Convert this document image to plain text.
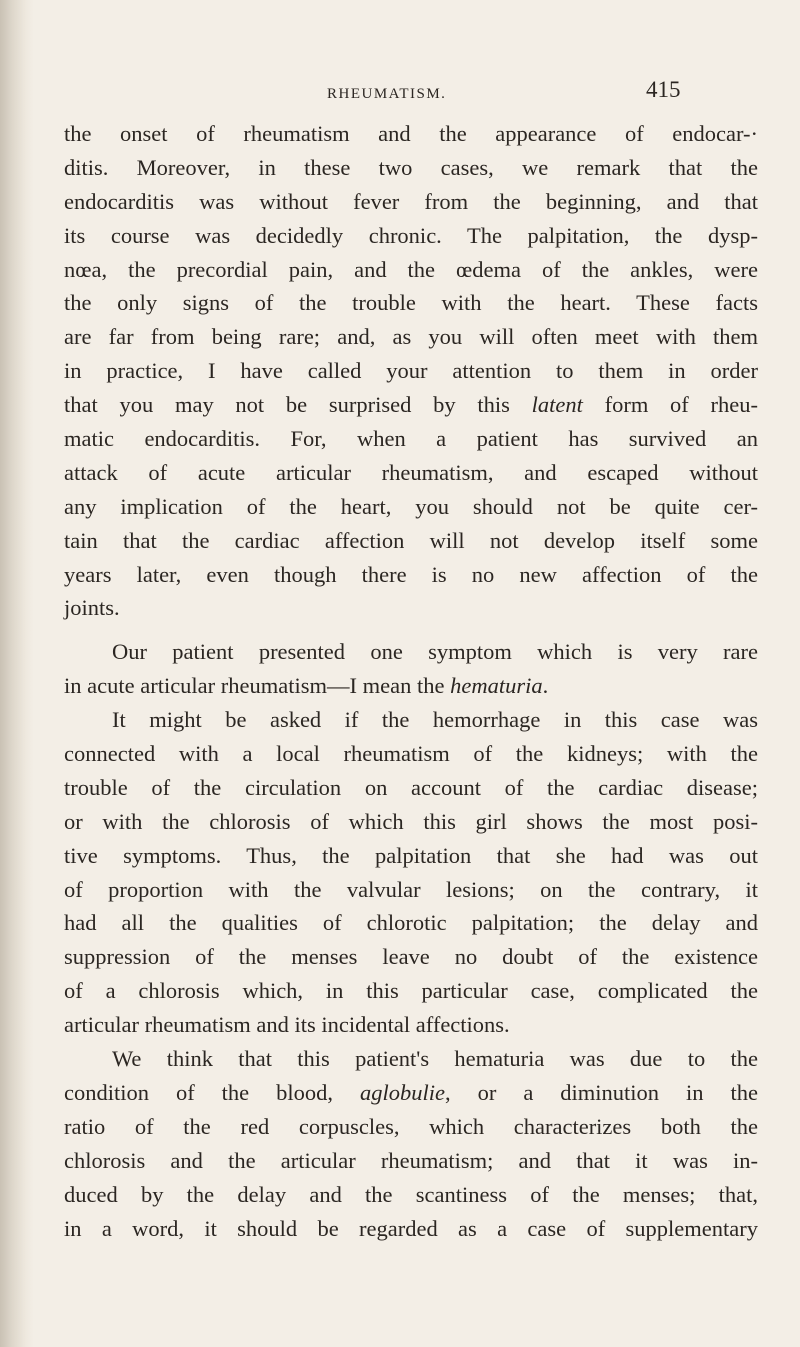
RHEUMATISM.	415
the onset of rheumatism and the appearance of endocar-·
ditis. Moreover, in these two cases, we remark that the
endocarditis was without fever from the beginning, and that
its course was decidedly chronic. The palpitation, the dysp-
nœa, the precordial pain, and the œdema of the ankles, were
the only signs of the trouble with the heart. These facts
are far from being rare; and, as you will often meet with them
in practice, I have called your attention to them in order
that you may not be surprised by this latent form of rheu-
matic endocarditis. For, when a patient has survived an
attack of acute articular rheumatism, and escaped without
any implication of the heart, you should not be quite cer-
tain that the cardiac affection will not develop itself some
years later, even though there is no new affection of the
joints.
Our patient presented one symptom which is very rare
in acute articular rheumatism—I mean the hematuria.
It might be asked if the hemorrhage in this case was
connected with a local rheumatism of the kidneys; with the
trouble of the circulation on account of the cardiac disease;
or with the chlorosis of which this girl shows the most posi-
tive symptoms. Thus, the palpitation that she had was out
of proportion with the valvular lesions; on the contrary, it
had all the qualities of chlorotic palpitation; the delay and
suppression of the menses leave no doubt of the existence
of a chlorosis which, in this particular case, complicated the
articular rheumatism and its incidental affections.
We think that this patient's hematuria was due to the
condition of the blood, aglobulie, or a diminution in the
ratio of the red corpuscles, which characterizes both the
chlorosis and the articular rheumatism; and that it was in-
duced by the delay and the scantiness of the menses; that,
in a word, it should be regarded as a case of supplementary
